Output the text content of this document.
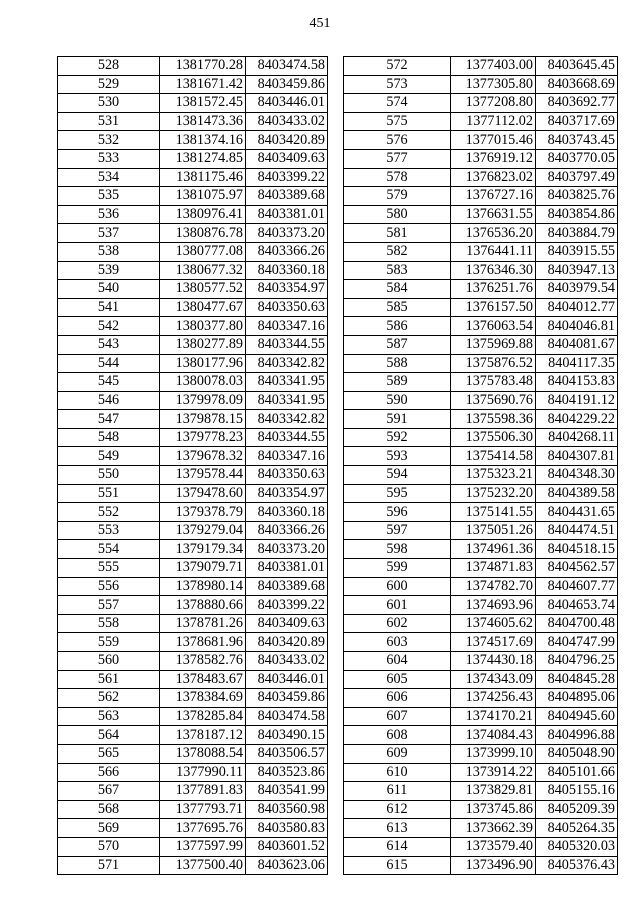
451
528	1381770.28	8403474.58
529	1381671.42	8403459.86
530	1381572.45	8403446.01
531	1381473.36	8403433.02
532	1381374.16	8403420.89
533	1381274.85	8403409.63
534	1381175.46	8403399.22
535	1381075.97	8403389.68
536	1380976.41	8403381.01
537	1380876.78	8403373.20
538	1380777.08	8403366.26
539	1380677.32	8403360.18
540	1380577.52	8403354.97
541	1380477.67	8403350.63
542	1380377.80	8403347.16
543	1380277.89	8403344.55
544	1380177.96	8403342.82
545	1380078.03	8403341.95
546	1379978.09	8403341.95
547	1379878.15	8403342.82
548	1379778.23	8403344.55
549	1379678.32	8403347.16
550	1379578.44	8403350.63
551	1379478.60	8403354.97
552	1379378.79	8403360.18
553	1379279.04	8403366.26
554	1379179.34	8403373.20
555	1379079.71	8403381.01
556	1378980.14	8403389.68
557	1378880.66	8403399.22
558	1378781.26	8403409.63
559	1378681.96	8403420.89
560	1378582.76	8403433.02
561	1378483.67	8403446.01
562	1378384.69	8403459.86
563	1378285.84	8403474.58
564	1378187.12	8403490.15
565	1378088.54	8403506.57
566	1377990.11	8403523.86
567	1377891.83	8403541.99
568	1377793.71	8403560.98
569	1377695.76	8403580.83
570	1377597.99	8403601.52
571	1377500.40	8403623.06
572	1377403.00	8403645.45
573	1377305.80	8403668.69
574	1377208.80	8403692.77
575	1377112.02	8403717.69
576	1377015.46	8403743.45
577	1376919.12	8403770.05
578	1376823.02	8403797.49
579	1376727.16	8403825.76
580	1376631.55	8403854.86
581	1376536.20	8403884.79
582	1376441.11	8403915.55
583	1376346.30	8403947.13
584	1376251.76	8403979.54
585	1376157.50	8404012.77
586	1376063.54	8404046.81
587	1375969.88	8404081.67
588	1375876.52	8404117.35
589	1375783.48	8404153.83
590	1375690.76	8404191.12
591	1375598.36	8404229.22
592	1375506.30	8404268.11
593	1375414.58	8404307.81
594	1375323.21	8404348.30
595	1375232.20	8404389.58
596	1375141.55	8404431.65
597	1375051.26	8404474.51
598	1374961.36	8404518.15
599	1374871.83	8404562.57
600	1374782.70	8404607.77
601	1374693.96	8404653.74
602	1374605.62	8404700.48
603	1374517.69	8404747.99
604	1374430.18	8404796.25
605	1374343.09	8404845.28
606	1374256.43	8404895.06
607	1374170.21	8404945.60
608	1374084.43	8404996.88
609	1373999.10	8405048.90
610	1373914.22	8405101.66
611	1373829.81	8405155.16
612	1373745.86	8405209.39
613	1373662.39	8405264.35
614	1373579.40	8405320.03
615	1373496.90	8405376.43
